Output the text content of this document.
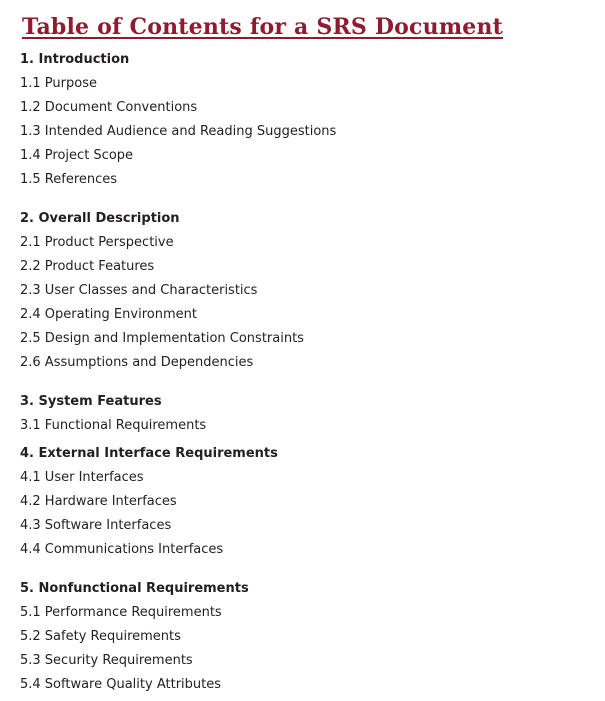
Table of Contents for a SRS Document
1. Introduction
1.1 Purpose
1.2 Document Conventions
1.3 Intended Audience and Reading Suggestions
1.4 Project Scope
1.5 References
2. Overall Description
2.1 Product Perspective
2.2 Product Features
2.3 User Classes and Characteristics
2.4 Operating Environment
2.5 Design and Implementation Constraints
2.6 Assumptions and Dependencies
3. System Features
3.1 Functional Requirements
4. External Interface Requirements
4.1 User Interfaces
4.2 Hardware Interfaces
4.3 Software Interfaces
4.4 Communications Interfaces
5. Nonfunctional Requirements
5.1 Performance Requirements
5.2 Safety Requirements
5.3 Security Requirements
5.4 Software Quality Attributes
